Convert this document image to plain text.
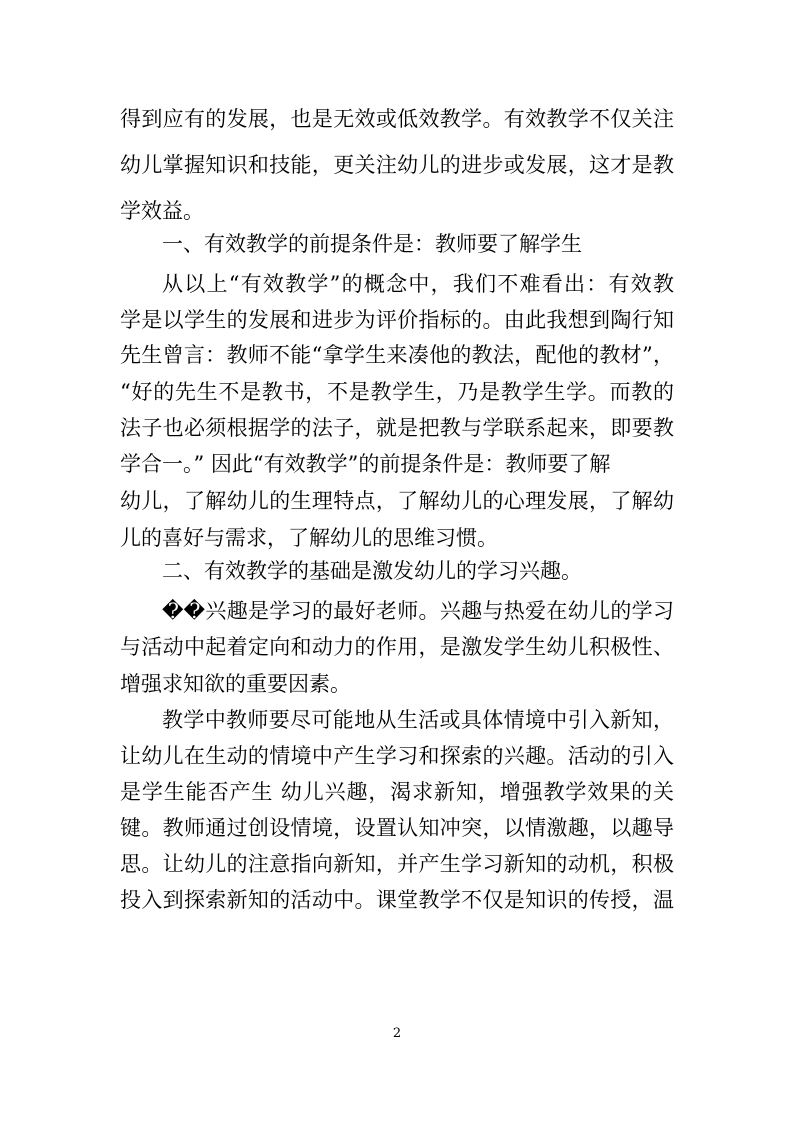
得到应有的发展，也是无效或低效教学。有效教学不仅关注
幼儿掌握知识和技能，更关注幼儿的进步或发展，这才是教
学效益。
一、有效教学的前提条件是：教师要了解学生
从以上“有效教学”的概念中，我们不难看出：有效教
学是以学生的发展和进步为评价指标的。由此我想到陶行知
先生曾言：教师不能“拿学生来凑他的教法，配他的教材”，
“好的先生不是教书，不是教学生，乃是教学生学。而教的
法子也必须根据学的法子，就是把教与学联系起来，即要教
学合一。” 因此“有效教学”的前提条件是：教师要了解
幼儿，了解幼儿的生理特点，了解幼儿的心理发展，了解幼
儿的喜好与需求，了解幼儿的思维习惯。
二、有效教学的基础是激发幼儿的学习兴趣。
��兴趣是学习的最好老师。兴趣与热爱在幼儿的学习
与活动中起着定向和动力的作用，是激发学生幼儿积极性、
增强求知欲的重要因素。
教学中教师要尽可能地从生活或具体情境中引入新知，
让幼儿在生动的情境中产生学习和探索的兴趣。活动的引入
是学生能否产生 幼儿兴趣，渴求新知，增强教学效果的关
键。教师通过创设情境，设置认知冲突，以情激趣，以趣导
思。让幼儿的注意指向新知，并产生学习新知的动机，积极
投入到探索新知的活动中。课堂教学不仅是知识的传授，温
2
